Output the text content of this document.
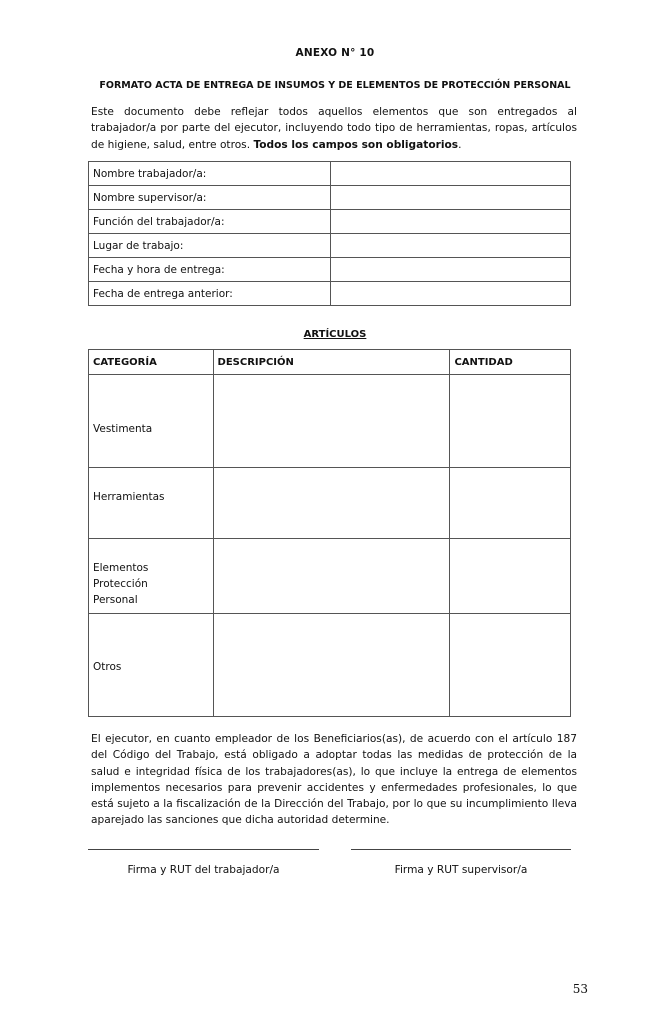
ANEXO N° 10
FORMATO ACTA DE ENTREGA DE INSUMOS Y DE ELEMENTOS DE PROTECCIÓN PERSONAL
Este documento debe reflejar todos aquellos elementos que son entregados al trabajador/a por parte del ejecutor, incluyendo todo tipo de herramientas, ropas, artículos de higiene, salud, entre otros. Todos los campos son obligatorios.
Nombre trabajador/a:	
Nombre supervisor/a:	
Función del trabajador/a:	
Lugar de trabajo:	
Fecha y hora de entrega:	
Fecha de entrega anterior:	
ARTÍCULOS
CATEGORÍA	DESCRIPCIÓN	CANTIDAD
Vestimenta		
Herramientas		
Elementos Protección Personal		
Otros		
El ejecutor, en cuanto empleador de los Beneficiarios(as), de acuerdo con el artículo 187 del Código del Trabajo, está obligado a adoptar todas las medidas de protección de la salud e integridad física de los trabajadores(as), lo que incluye la entrega de elementos implementos necesarios para prevenir accidentes y enfermedades profesionales, lo que está sujeto a la fiscalización de la Dirección del Trabajo, por lo que su incumplimiento lleva aparejado las sanciones que dicha autoridad determine.
Firma y RUT del trabajador/a	Firma y RUT supervisor/a
53
